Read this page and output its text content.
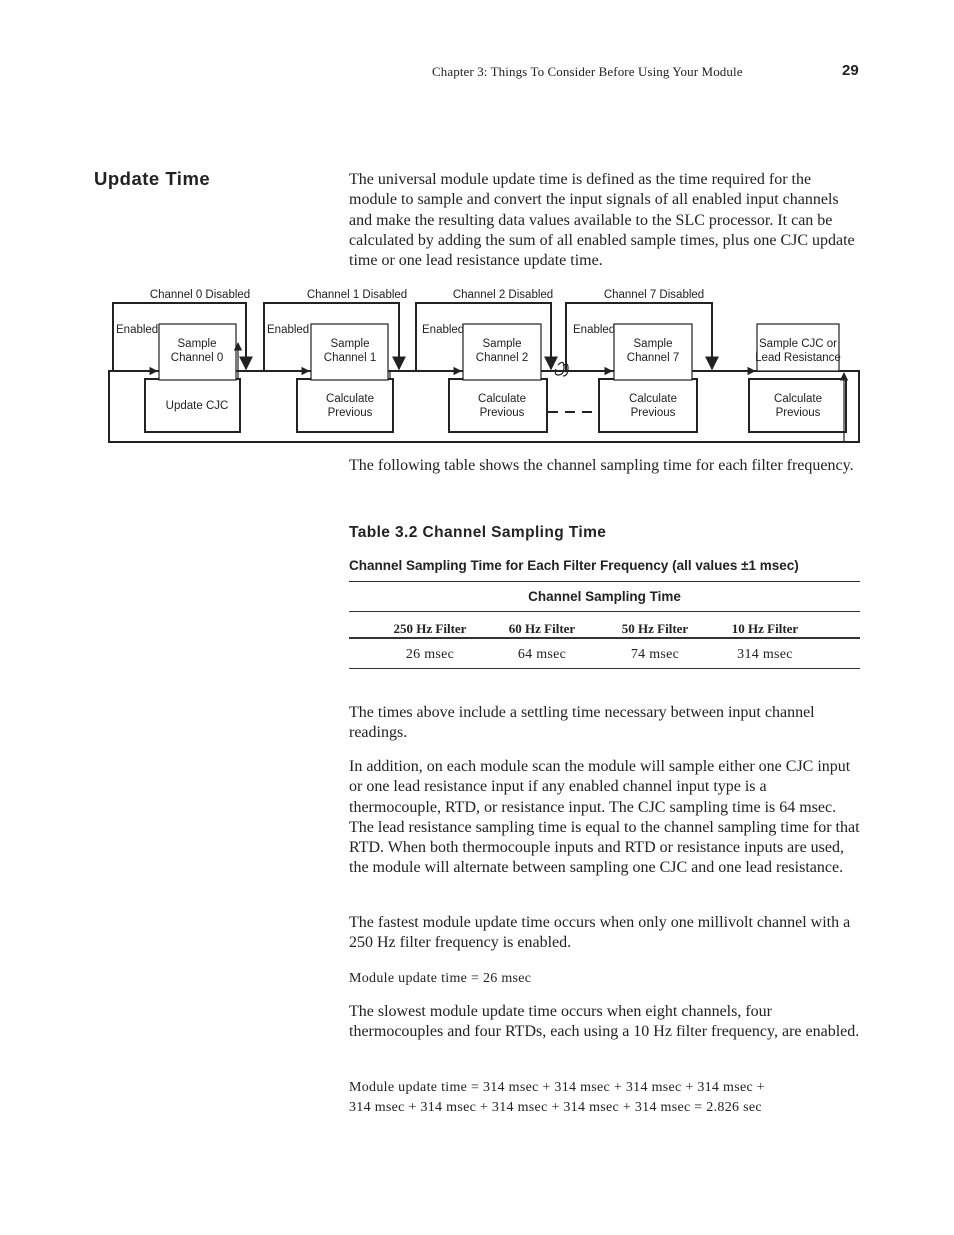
Chapter 3: Things To Consider Before Using Your Module	29
Update Time	The universal module update time is defined as the time required for the module to sample and convert the input signals of all enabled input channels and make the resulting data values available to the SLC processor. It can be calculated by adding the sum of all enabled sample times, plus one CJC update time or one lead resistance update time.
Channel 0 Disabled	Channel 1 Disabled	Channel 2 Disabled	Channel 7 Disabled
Enabled	Enabled	Enabled	Enabled
Sample
Channel 0
Sample
Channel 1
Sample
Channel 2
Sample
Channel 7
Sample CJC or
Lead Resistance
Update CJC
Calculate
Previous
Calculate
Previous
Calculate
Previous
Calculate
Previous
The following table shows the channel sampling time for each filter frequency.
Table 3.2 Channel Sampling Time
Channel Sampling Time for Each Filter Frequency (all values ±1 msec)
Channel Sampling Time
250 Hz Filter	60 Hz Filter	50 Hz Filter	10 Hz Filter
26 msec	64 msec	74 msec	314 msec
The times above include a settling time necessary between input channel readings.
In addition, on each module scan the module will sample either one CJC input or one lead resistance input if any enabled channel input type is a thermocouple, RTD, or resistance input. The CJC sampling time is 64 msec. The lead resistance sampling time is equal to the channel sampling time for that RTD. When both thermocouple inputs and RTD or resistance inputs are used, the module will alternate between sampling one CJC and one lead resistance.
The fastest module update time occurs when only one millivolt channel with a 250 Hz filter frequency is enabled.
Module update time = 26 msec
The slowest module update time occurs when eight channels, four thermocouples and four RTDs, each using a 10 Hz filter frequency, are enabled.
Module update time = 314 msec + 314 msec + 314 msec + 314 msec +
314 msec + 314 msec + 314 msec + 314 msec + 314 msec = 2.826 sec
